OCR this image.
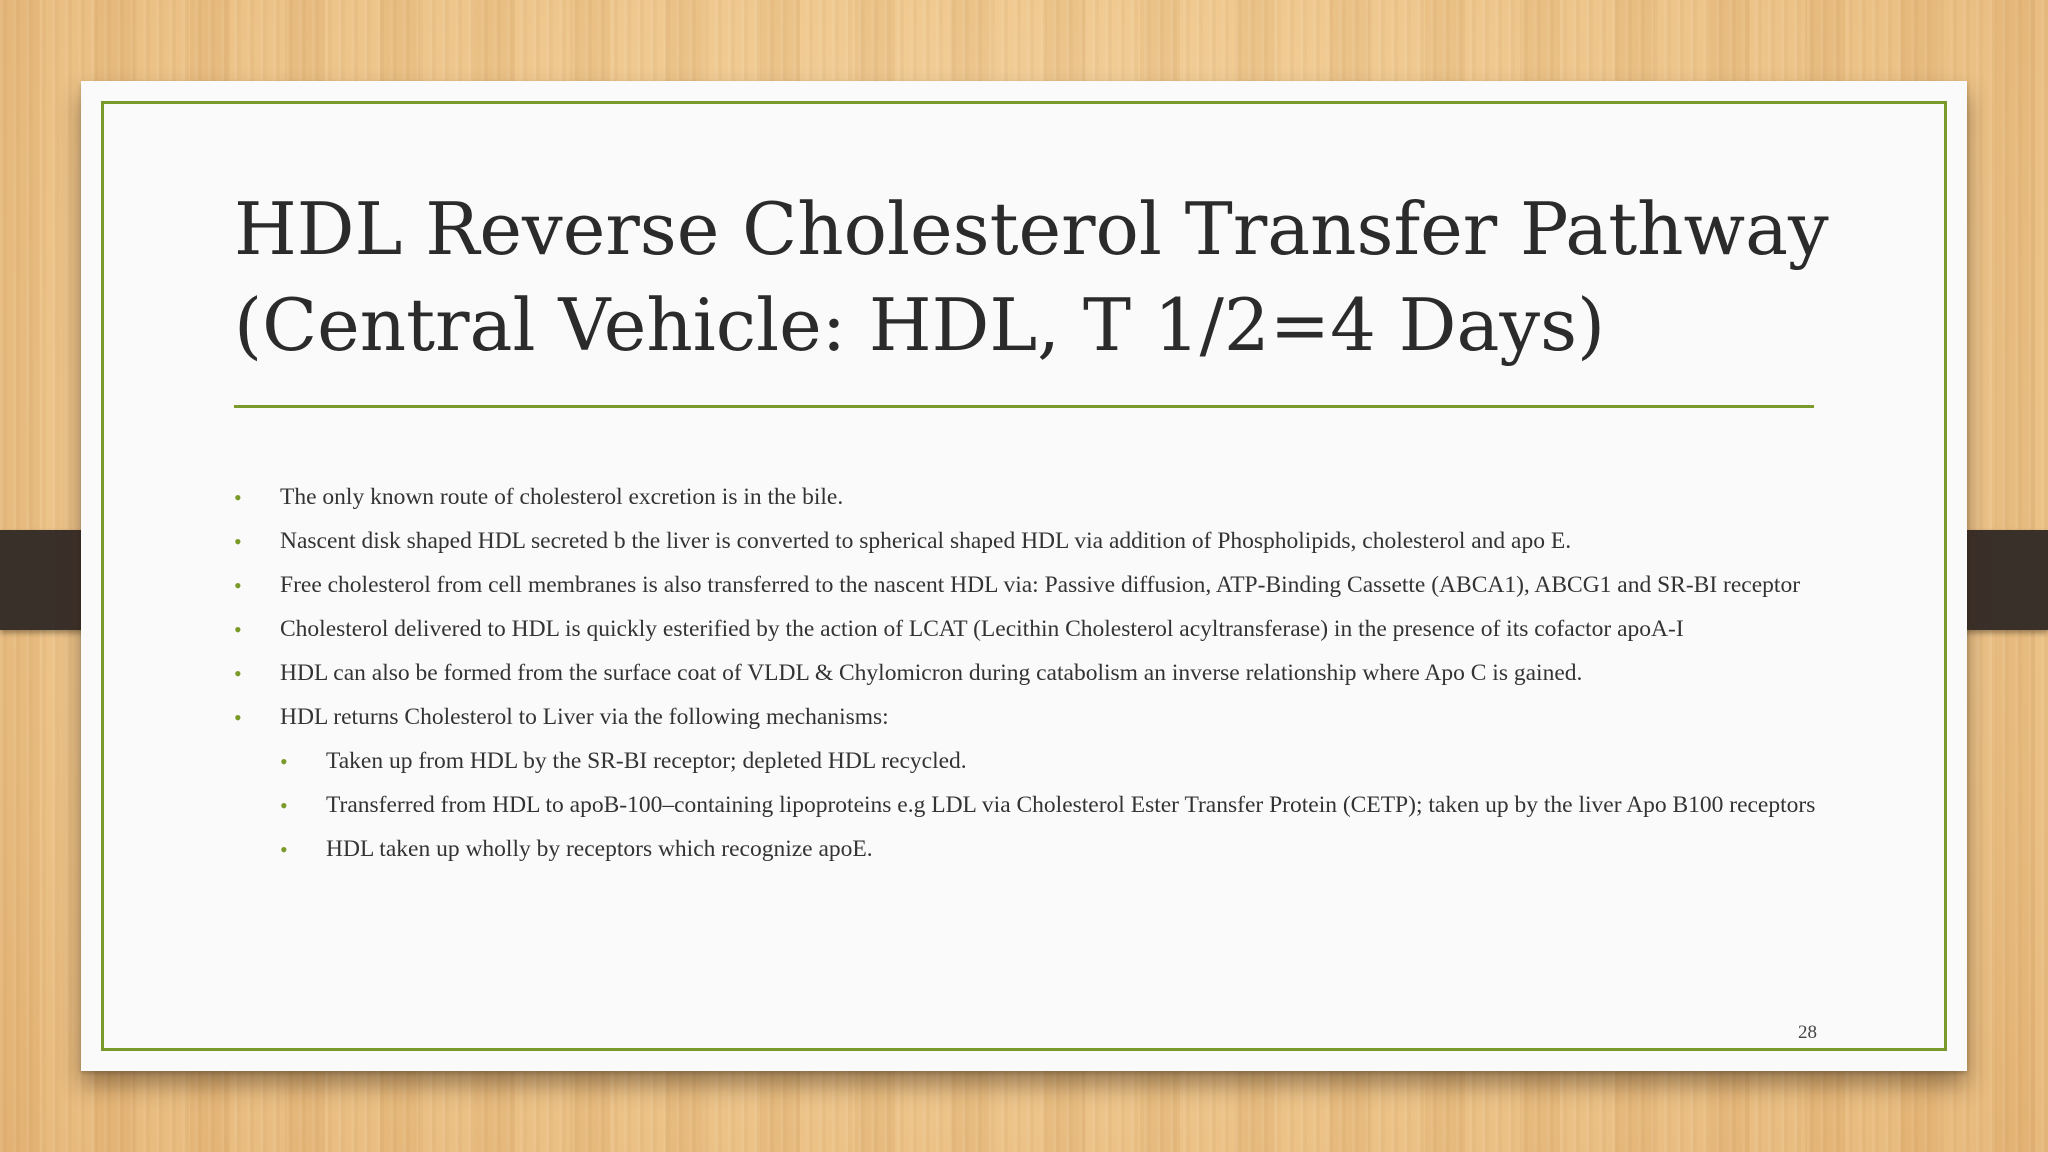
HDL Reverse Cholesterol Transfer Pathway
(Central Vehicle: HDL, T 1/2=4 Days)
• The only known route of cholesterol excretion is in the bile.
• Nascent disk shaped HDL secreted b the liver is converted to spherical shaped HDL via addition of Phospholipids, cholesterol and apo E.
• Free cholesterol from cell membranes is also transferred to the nascent HDL via: Passive diffusion, ATP-Binding Cassette (ABCA1), ABCG1 and SR-BI receptor
• Cholesterol delivered to HDL is quickly esterified by the action of LCAT (Lecithin Cholesterol acyltransferase) in the presence of its cofactor apoA-I
• HDL can also be formed from the surface coat of VLDL & Chylomicron during catabolism an inverse relationship where Apo C is gained.
• HDL returns Cholesterol to Liver via the following mechanisms:
• Taken up from HDL by the SR-BI receptor; depleted HDL recycled.
• Transferred from HDL to apoB-100–containing lipoproteins e.g LDL via Cholesterol Ester Transfer Protein (CETP); taken up by the liver Apo B100 receptors
• HDL taken up wholly by receptors which recognize apoE.
28
